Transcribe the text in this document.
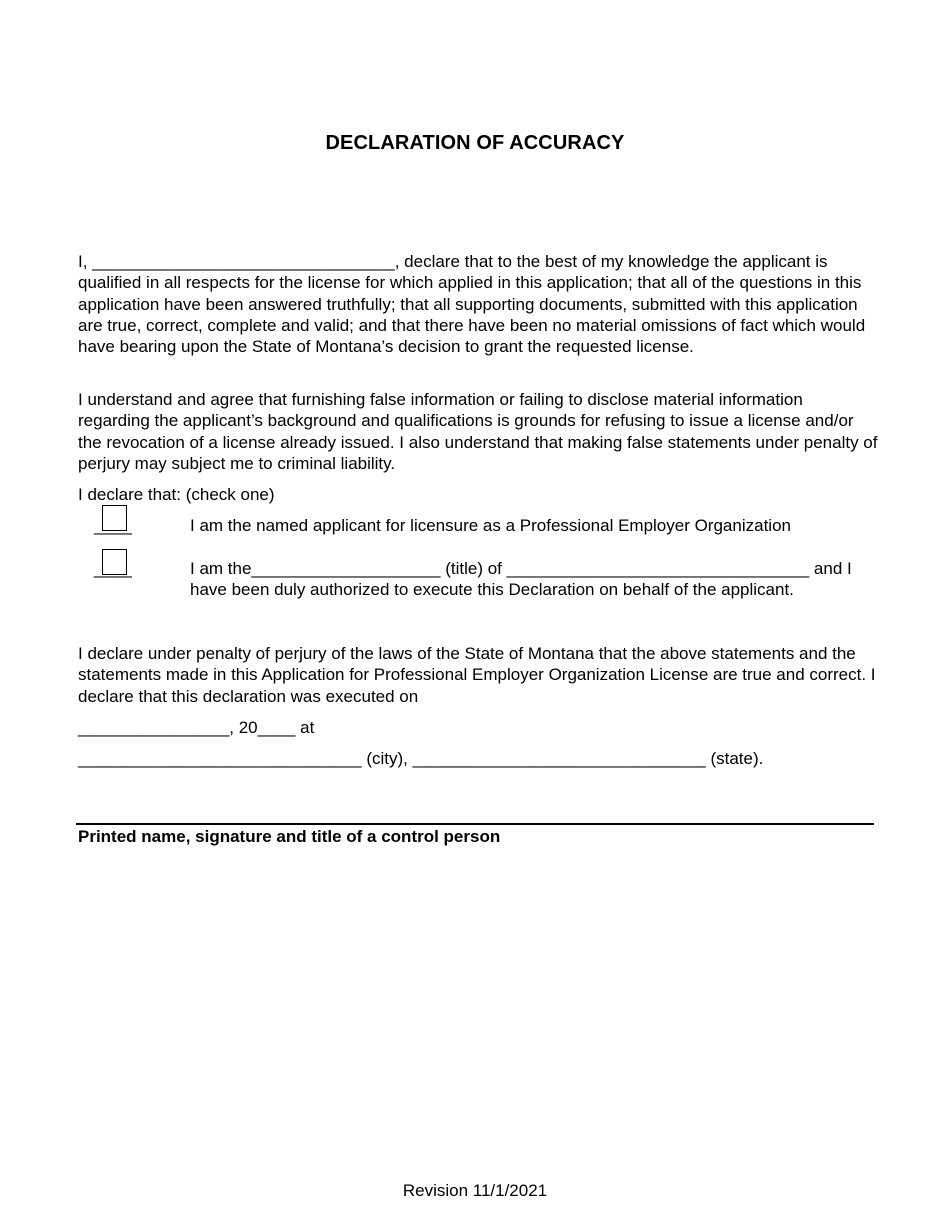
DECLARATION OF ACCURACY

I, ________________________________, declare that to the best of my knowledge the applicant is qualified in all respects for the license for which applied in this application; that all of the questions in this application have been answered truthfully; that all supporting documents, submitted with this application are true, correct, complete and valid; and that there have been no material omissions of fact which would have bearing upon the State of Montana’s decision to grant the requested license.

I understand and agree that furnishing false information or failing to disclose material information regarding the applicant’s background and qualifications is grounds for refusing to issue a license and/or the revocation of a license already issued. I also understand that making false statements under penalty of perjury may subject me to criminal liability.

I declare that: (check one)

____	I am the named applicant for licensure as a Professional Employer Organization
____	I am the____________________ (title) of ________________________________ and I have been duly authorized to execute this Declaration on behalf of the applicant.

I declare under penalty of perjury of the laws of the State of Montana that the above statements and the statements made in this Application for Professional Employer Organization License are true and correct. I declare that this declaration was executed on

________________, 20____ at

______________________________ (city), _______________________________ (state).

Printed name, signature and title of a control person
Revision 11/1/2021
